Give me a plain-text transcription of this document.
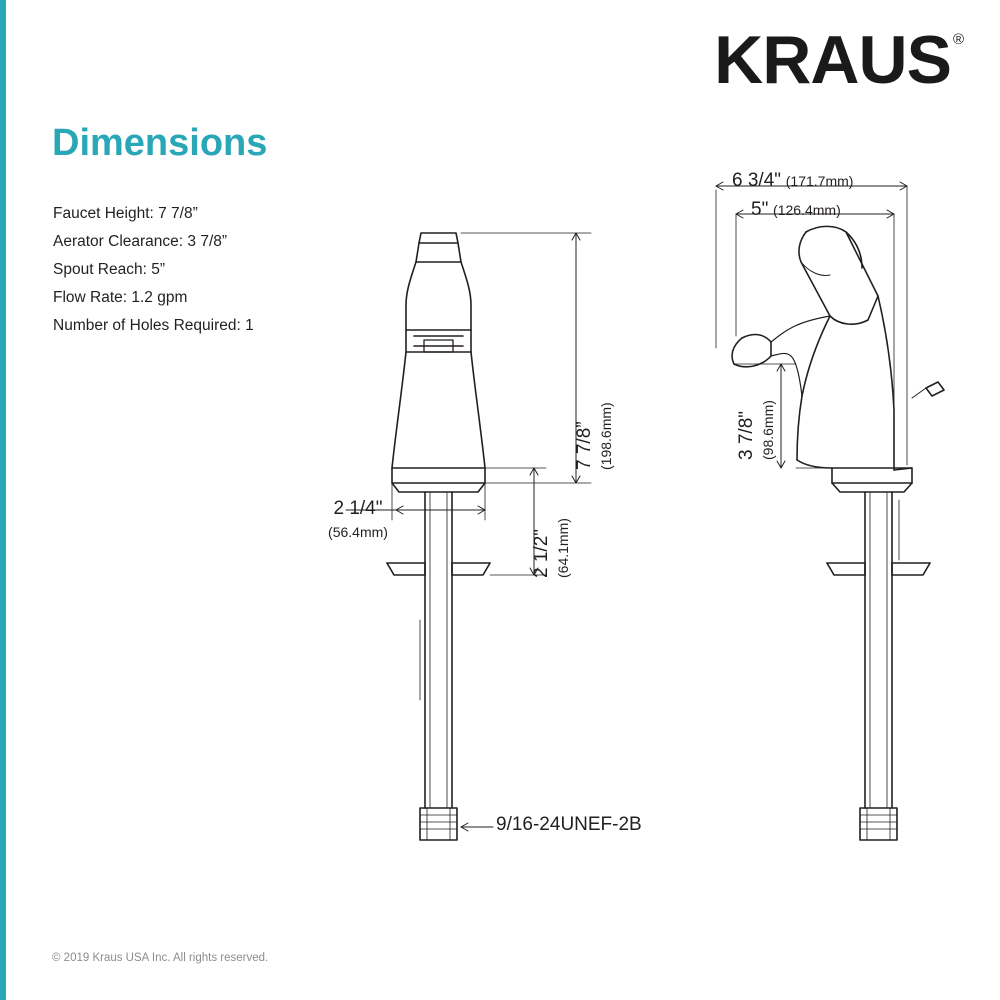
KRAUS ®
Dimensions
Faucet Height: 7 7/8”
Aerator Clearance: 3 7/8”
Spout Reach: 5”
Flow Rate: 1.2 gpm
Number of Holes Required: 1
7 7/8” (198.6mm)
2 1/2" (64.1mm)
2 1/4"
(56.4mm)
9/16-24UNEF-2B
6 3/4" (171.7mm)
5" (126.4mm)
3 7/8" (98.6mm)
© 2019 Kraus USA Inc. All rights reserved.
